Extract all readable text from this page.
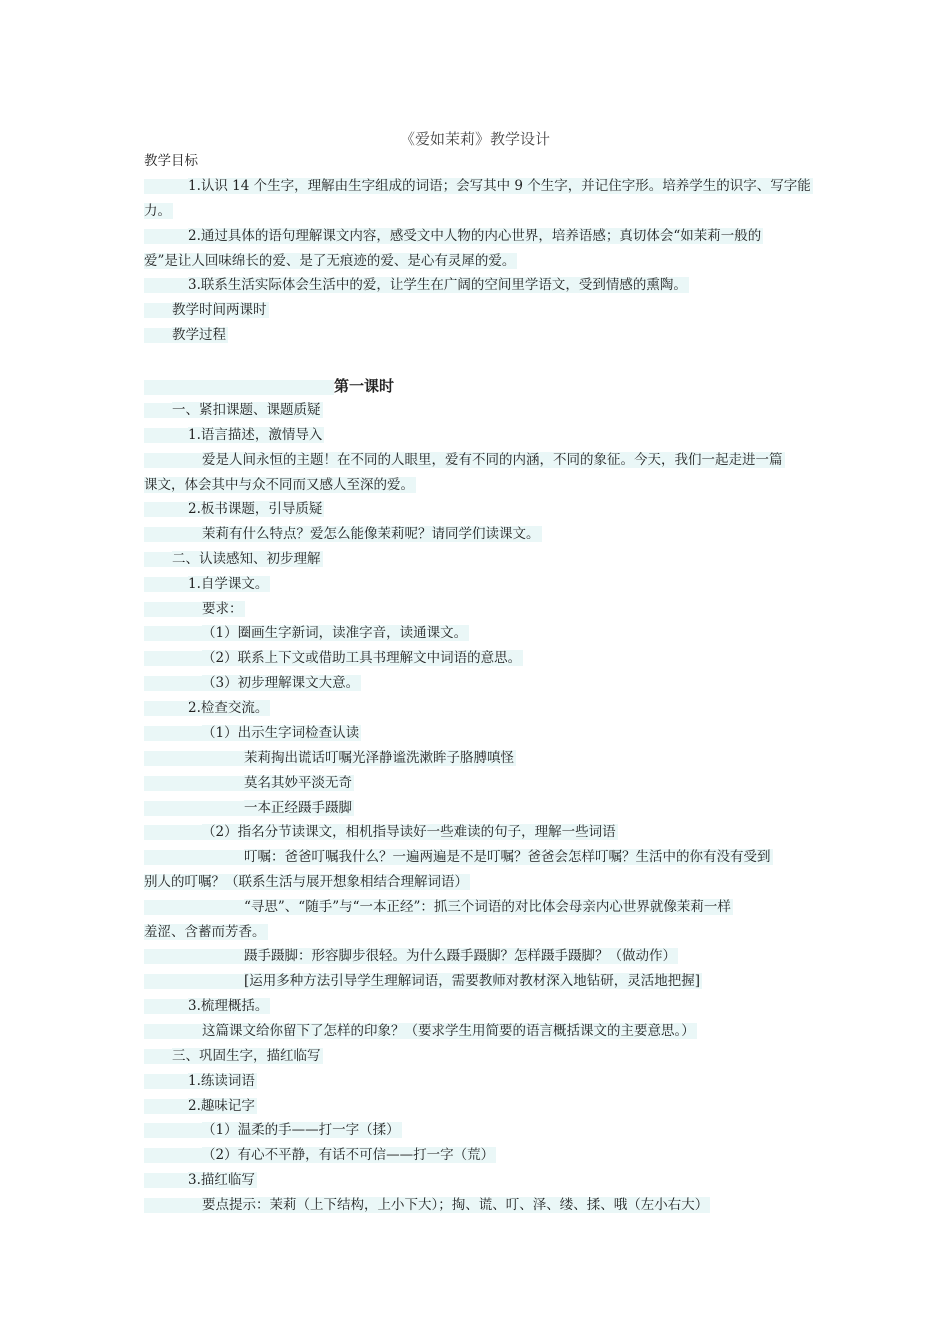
《爱如茉莉》教学设计
教学目标
1.认识 14 个生字，理解由生字组成的词语；会写其中 9 个生字，并记住字形。培养学生的识字、写字能
力。
2.通过具体的语句理解课文内容，感受文中人物的内心世界，培养语感；真切体会“如茉莉一般的
爱”是让人回味绵长的爱、是了无痕迹的爱、是心有灵犀的爱。
3.联系生活实际体会生活中的爱，让学生在广阔的空间里学语文，受到情感的熏陶。
教学时间两课时
教学过程
第一课时
一、紧扣课题、课题质疑
1.语言描述，激情导入
爱是人间永恒的主题！在不同的人眼里，爱有不同的内涵，不同的象征。今天，我们一起走进一篇
课文，体会其中与众不同而又感人至深的爱。
2.板书课题，引导质疑
茉莉有什么特点？爱怎么能像茉莉呢？请同学们读课文。
二、认读感知、初步理解
1.自学课文。
要求：
（1）圈画生字新词，读准字音，读通课文。
（2）联系上下文或借助工具书理解文中词语的意思。
（3）初步理解课文大意。
2.检查交流。
（1）出示生字词检查认读
茉莉掏出谎话叮嘱光泽静谧洗漱眸子胳膊嗔怪
莫名其妙平淡无奇
一本正经蹑手蹑脚
（2）指名分节读课文，相机指导读好一些难读的句子，理解一些词语
叮嘱：爸爸叮嘱我什么？一遍两遍是不是叮嘱？爸爸会怎样叮嘱？生活中的你有没有受到
别人的叮嘱？（联系生活与展开想象相结合理解词语）
“寻思”、“随手”与“一本正经”：抓三个词语的对比体会母亲内心世界就像茉莉一样
羞涩、含蓄而芳香。
蹑手蹑脚：形容脚步很轻。为什么蹑手蹑脚？怎样蹑手蹑脚？（做动作）
[运用多种方法引导学生理解词语，需要教师对教材深入地钻研，灵活地把握]
3.梳理概括。
这篇课文给你留下了怎样的印象？（要求学生用简要的语言概括课文的主要意思。）
三、巩固生字，描红临写
1.练读词语
2.趣味记字
（1）温柔的手——打一字（揉）
（2）有心不平静，有话不可信——打一字（荒）
3.描红临写
要点提示：茉莉（上下结构，上小下大）；掏、谎、叮、泽、缕、揉、哦（左小右大）
